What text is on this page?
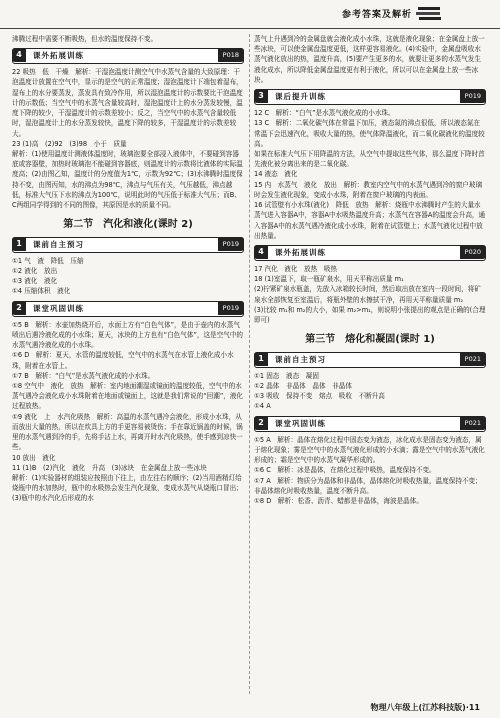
参考答案及解析

沸腾过程中需要不断吸热，但水的温度保持不变。

4	课外拓展训练	P018

22 吸热　低　干燥　解析：干湿泡温度计测空气中水蒸气含量的大致原理：干泡温度计放置在空气中，显示的是空气的正常温度；湿泡温度计下端包着湿布，湿布上的水分要蒸发，蒸发具有致冷作用，所以湿泡温度计的示数要比干泡温度计的示数低；当空气中的水蒸气含量较高时，湿泡温度计上的水分蒸发较慢，温度下降的较少，干湿温度计的示数差较小；反之，当空气中的水蒸气含量较低时，湿泡温度计上的水分蒸发较快，温度下降的较多，干湿温度计的示数差较大。

23 (1)高　(2)92　(3)98　小于　质量

解析：(1)使用温度计测液体温度时，玻璃泡要全部浸入液体中，不要碰到容器底或容器壁，加热时玻璃泡不能碰到容器底，则温度计的示数将比液体的实际温度高；(2)由图乙知，温度计的分度值为1℃，示数为92℃；(3)水沸腾时温度保持不变，由图丙知，水的沸点为98℃，沸点与气压有关，气压越低，沸点越低，标准大气压下水的沸点为100℃，说明此时的气压低于标准大气压；而B、C两组同学得到的不同的图像，其原因是水的质量不同。

第二节　汽化和液化(课时 2)
1	课前自主预习	P019

①1 气　液　降低　压缩

①2 液化　放出

①3 液化　液化

①4 压缩体积　液化

2	课堂巩固训练	P019

①5 B　解析：水壶加热烧开后，水面上方有“白色气体”，是由于壶内的水蒸气喷出后遇冷液化成的小水珠；夏天，冰块的上方也有“白色气体”，这是空气中的水蒸气遇冷液化成的小水珠。

①6 D　解析：夏天，水管的温度较低，空气中的水蒸气在水管上液化成小水珠，附着在水管上。

①7 B　解析：“白气”是水蒸气液化成的小水珠。

①8 空气中　液化　放热　解析：室内地面潮湿或镜面的温度较低，空气中的水蒸气遇冷会液化成小水珠附着在地面或镜面上，这就是我们常说的“回潮”，液化过程放热。

①9 液化　上　水汽化吸热　解析：高温的水蒸气遇冷会液化，形成小水珠，从而放出大量的热，所以在炊具上方的手更容易被烫伤；手在靠近锅盖的时候，锅里的水蒸气遇到冷的手，先将手沾上水，再离开时水汽化吸热，使手感到凉快一些。

10 放出　液化

11 (1)B　(2)汽化　液化　升高　(3)冰块　在金属盘上放一些冰块

解析：(1)实验器材的组装应按照由下往上，由左往右的顺序；(2)当用酒精灯给烧瓶中的水加热时，瓶中的水吸热会发生汽化现象，变成水蒸气从烧瓶口冒出；(3)瓶中的水汽化后形成的水

蒸气上升遇到冷的金属盘就会液化成小水珠，这就是液化现象；在金属盘上放一些冰块，可以使金属盘温度更低，这样更容易液化。(4)实验中，金属盘吸收水蒸气液化放出的热，温度升高，(5)要产生更多的水，就要让更多的水蒸气发生液化成水，所以降低金属盘温度更有利于液化，所以可以在金属盘上放一些冰块。

3	课后提升训练	P019

12 C　解析：“白气”是水蒸气液化成的小水珠。

13 C　解析：二氧化碳气体在常温下加压，液态氮的沸点很低，所以液态氮在常温下会迅速汽化，吸收大量的热，使气体降温液化，而二氧化碳液化的温度较高。

如果在标准大气压下用降温的方法，从空气中提取这些气体，那么温度下降时首先液化被分离出来的是二氧化碳。

14 液态　液化

15 内　水蒸气　液化　放出　解析：教室内空气中的水蒸气遇到冷的窗户玻璃时会发生液化现象，变成小水珠，附着在窗户玻璃的内表面。

16 试管壁有小水珠(液化)　降低　放热　解析：烧瓶中水沸腾时产生的大量水蒸气进入容器A中，容器A中水吸热温度升高；水蒸气在容器A的温度会升高，通入容器A中的水蒸气遇冷液化成小水珠，附着在试管壁上；水蒸气液化过程中放出热量。

4	课外拓展训练	P020

17 汽化　液化　放热　吸热

18 (1)室温下，取一瓶矿泉水，用天平称出质量 m₁

(2)拧紧矿泉水瓶盖，先放入冰箱较长时间，然后取出放在室内一段时间，将矿泉水全部恢复至室温后，将瓶外壁的水擦拭干净，再用天平称量质量 m₂

(3)比较 m₁和 m₂的大小，如果 m₂>m₁，则说明小张提出的观点是正确的(合理即可)

第三节　熔化和凝固(课时 1)
1	课前自主预习	P021

①1 固态　液态　凝固

①2 晶体　非晶体　晶体　非晶体

①3 吸收　保持不变　熔点　吸收　不断升高

①4 A

2	课堂巩固训练	P021

①5 A　解析：晶体在熔化过程中固态变为液态，冰化成水是固态变为液态，属于熔化现象；雾是空气中的水蒸气液化形成的小水滴；露是空气中的水蒸气液化形成的；霜是空气中的水蒸气凝华形成的。

①6 C　解析：冰是晶体，在熔化过程中吸热，温度保持不变。

①7 A　解析：物质分为晶体和非晶体，晶体熔化时吸收热量，温度保持不变；非晶体熔化时吸收热量，温度不断升高。

①8 D　解析：松香、沥青、蜡都是非晶体，海波是晶体。

物理八年级上(江苏科技版)·11
